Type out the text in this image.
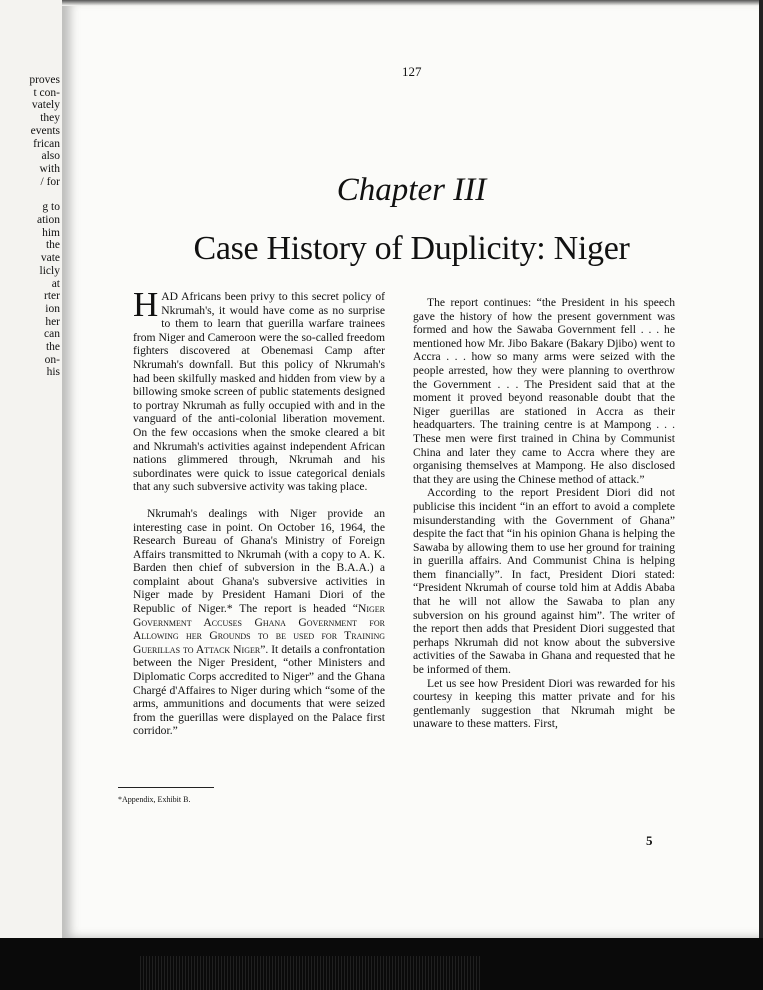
proves
t con-
vately
they
events
frican
also
with
/ for
g to
ation
him
the
vate
licly
at
rter
ion
her
can
the
on-
his
127
Chapter III
Case History of Duplicity: Niger

HAD Africans been privy to this secret policy of Nkrumah's, it would have come as no surprise to them to learn that guerilla warfare trainees from Niger and Cameroon were the so-called freedom fighters discovered at Obenemasi Camp after Nkrumah's downfall. But this policy of Nkrumah's had been skilfully masked and hidden from view by a billowing smoke screen of public statements designed to portray Nkrumah as fully occupied with and in the vanguard of the anti-colonial liberation movement. On the few occasions when the smoke cleared a bit and Nkrumah's activities against independent African nations glimmered through, Nkrumah and his subordinates were quick to issue categorical denials that any such subversive activity was taking place.

Nkrumah's dealings with Niger provide an interesting case in point. On October 16, 1964, the Research Bureau of Ghana's Ministry of Foreign Affairs transmitted to Nkrumah (with a copy to A. K. Barden then chief of subversion in the B.A.A.) a complaint about Ghana's subversive activities in Niger made by President Hamani Diori of the Republic of Niger.* The report is headed “Niger Government Accuses Ghana Government for Allowing her Grounds to be used for Training Guerillas to Attack Niger”. It details a confrontation between the Niger President, “other Ministers and Diplomatic Corps accredited to Niger” and the Ghana Chargé d'Affaires to Niger during which “some of the arms, ammunitions and documents that were seized from the guerillas were displayed on the Palace first corridor.”

The report continues: “the President in his speech gave the history of how the present government was formed and how the Sawaba Government fell . . . he mentioned how Mr. Jibo Bakare (Bakary Djibo) went to Accra . . . how so many arms were seized with the people arrested, how they were planning to overthrow the Government . . . The President said that at the moment it proved beyond reasonable doubt that the Niger guerillas are stationed in Accra as their headquarters. The training centre is at Mampong . . . These men were first trained in China by Communist China and later they came to Accra where they are organising themselves at Mampong. He also disclosed that they are using the Chinese method of attack.”

According to the report President Diori did not publicise this incident “in an effort to avoid a complete misunderstanding with the Government of Ghana” despite the fact that “in his opinion Ghana is helping the Sawaba by allowing them to use her ground for training in guerilla affairs. And Communist China is helping them financially”. In fact, President Diori stated: “President Nkrumah of course told him at Addis Ababa that he will not allow the Sawaba to plan any subversion on his ground against him”. The writer of the report then adds that President Diori suggested that perhaps Nkrumah did not know about the subversive activities of the Sawaba in Ghana and requested that he be informed of them.

Let us see how President Diori was rewarded for his courtesy in keeping this matter private and for his gentlemanly suggestion that Nkrumah might be unaware to these matters. First,

*Appendix, Exhibit B.
5
